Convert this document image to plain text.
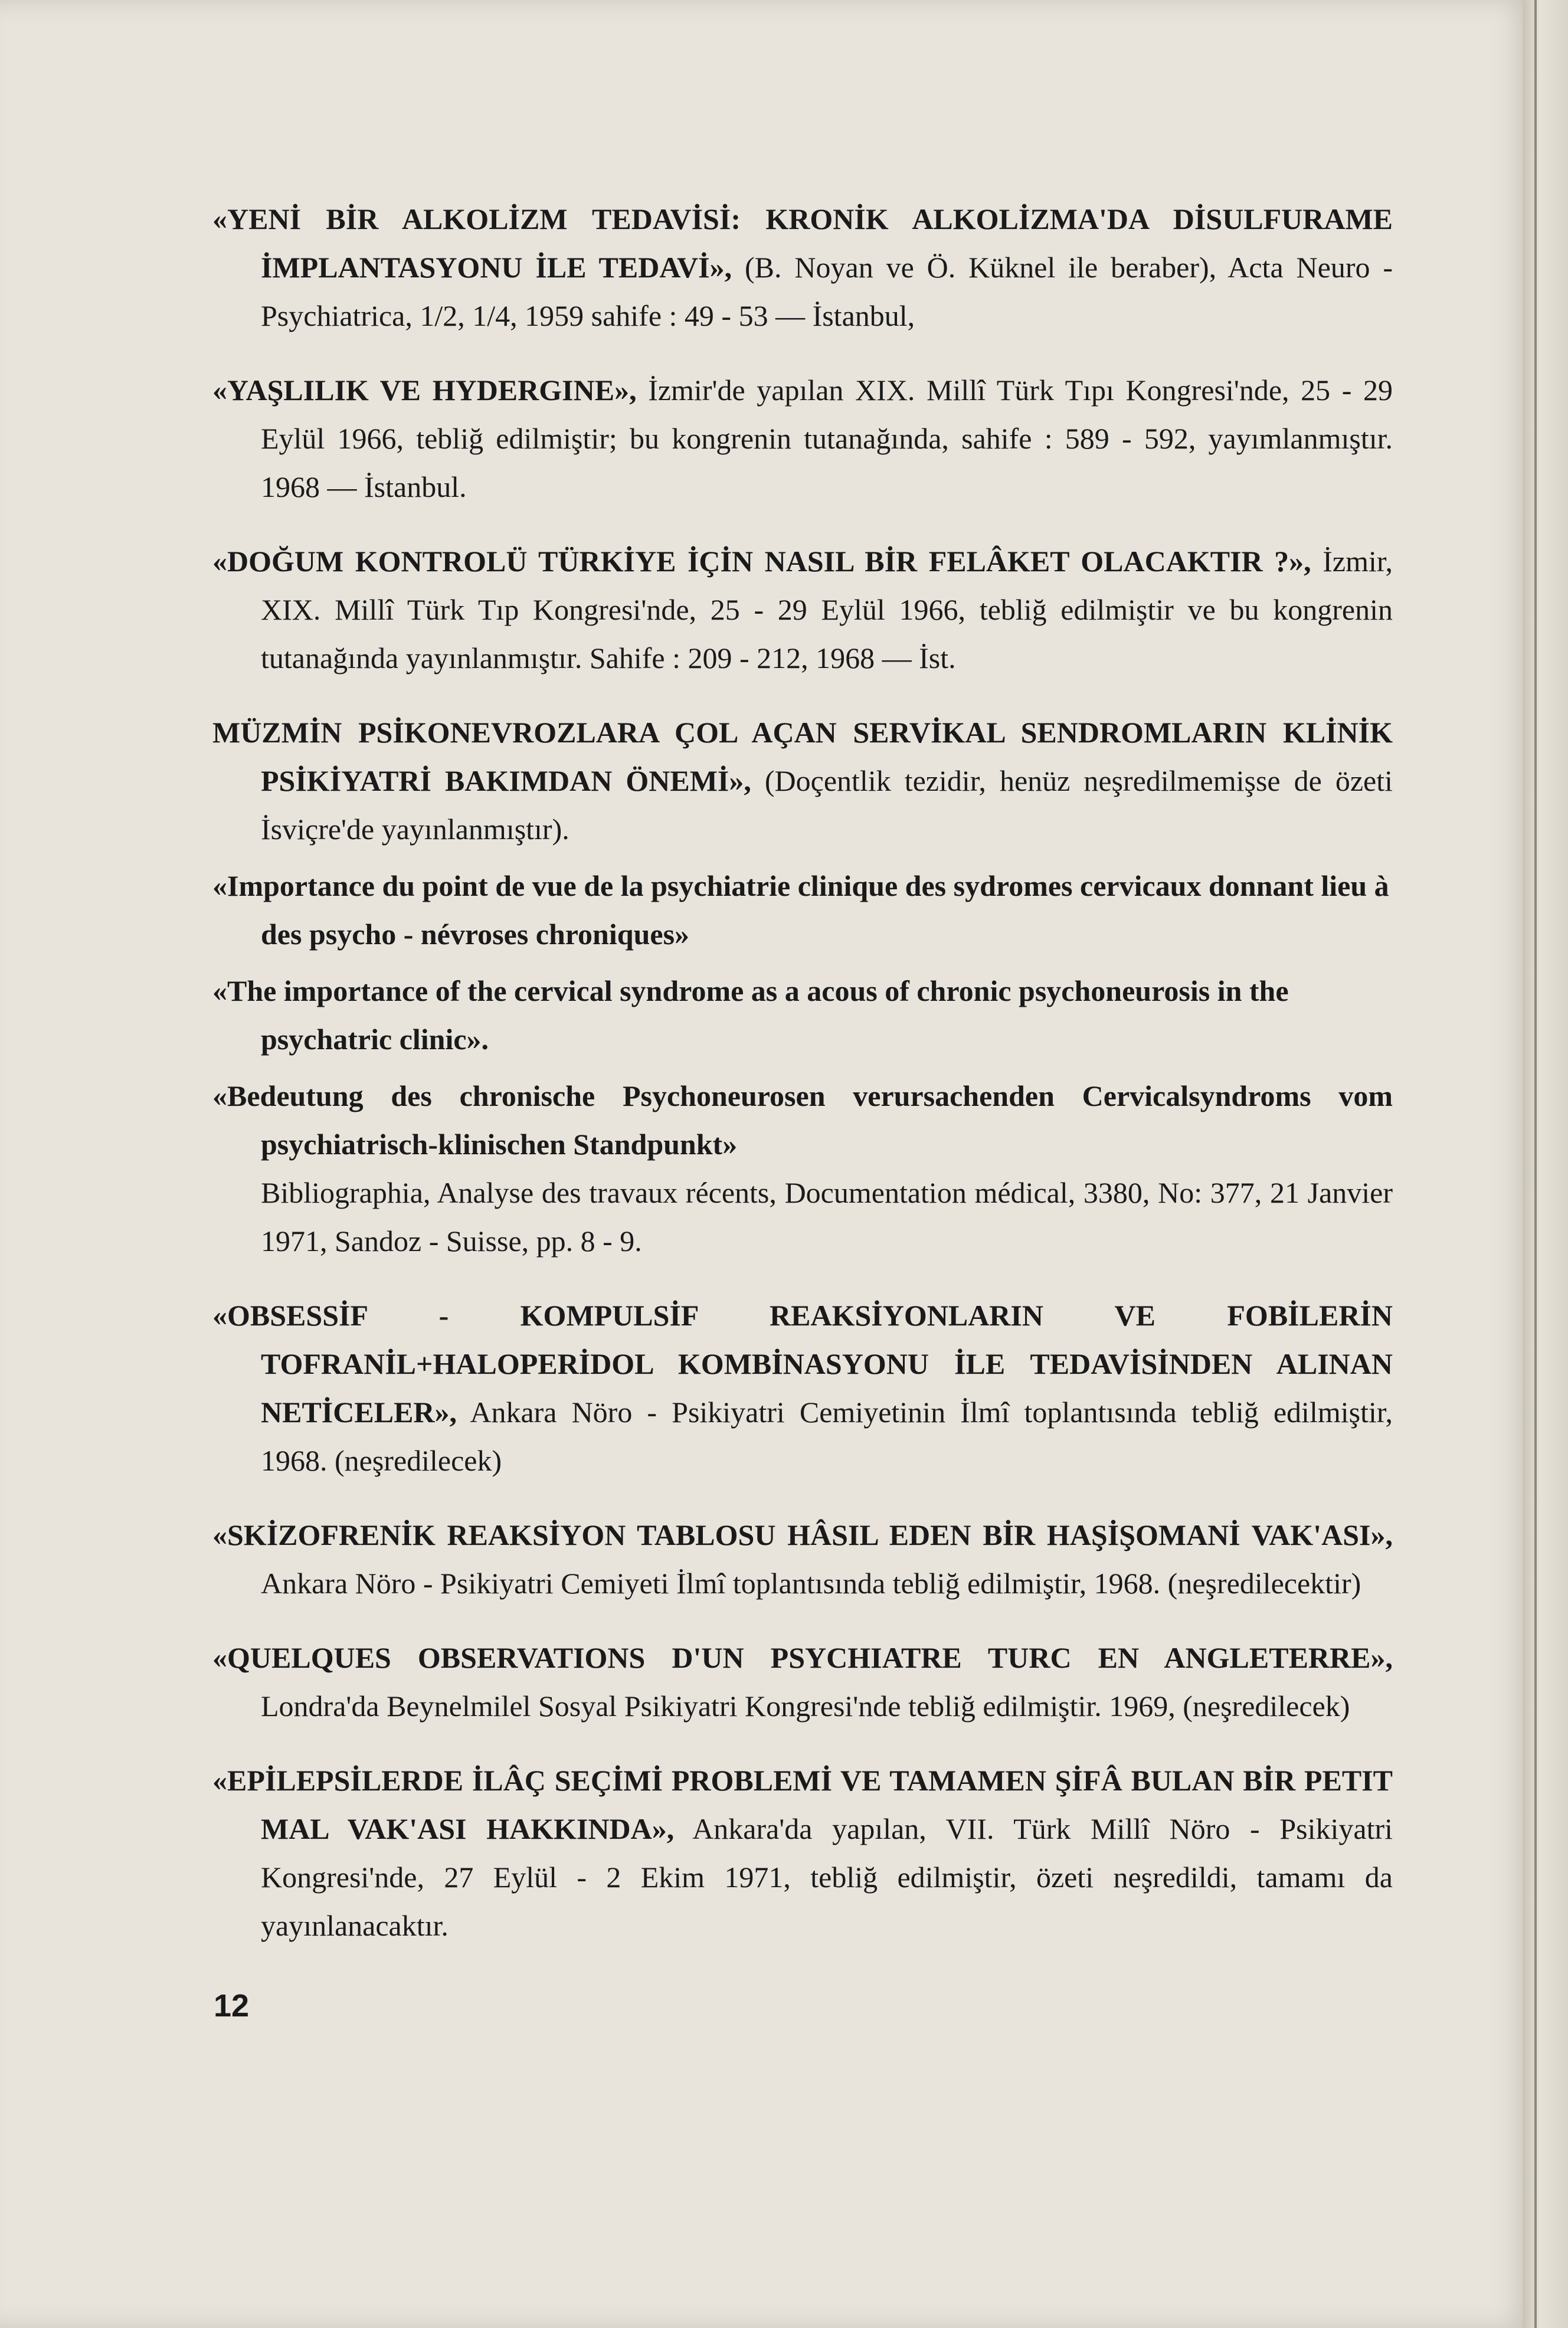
«YENİ BİR ALKOLİZM TEDAVİSİ: KRONİK ALKOLİZMA'DA DİSULFURAME İMPLANTASYONU İLE TEDAVİ», (B. Noyan ve Ö. Küknel ile beraber), Acta Neuro - Psychiatrica, 1/2, 1/4, 1959 sahife : 49 - 53 — İstanbul,

«YAŞLILIK VE HYDERGINE», İzmir'de yapılan XIX. Millî Türk Tıpı Kongresi'nde, 25 - 29 Eylül 1966, tebliğ edilmiştir; bu kongrenin tutanağında, sahife : 589 - 592, yayımlanmıştır. 1968 — İstanbul.

«DOĞUM KONTROLÜ TÜRKİYE İÇİN NASIL BİR FELÂKET OLACAKTIR ?», İzmir, XIX. Millî Türk Tıp Kongresi'nde, 25 - 29 Eylül 1966, tebliğ edilmiştir ve bu kongrenin tutanağında yayınlanmıştır. Sahife : 209 - 212, 1968 — İst.

MÜZMİN PSİKONEVROZLARA ÇOL AÇAN SERVİKAL SENDROMLARIN KLİNİK PSİKİYATRİ BAKIMDAN ÖNEMİ», (Doçentlik tezidir, henüz neşredilmemişse de özeti İsviçre'de yayınlanmıştır).

«Importance du point de vue de la psychiatrie clinique des sydromes cervicaux donnant lieu à des psycho - névroses chroniques»

«The importance of the cervical syndrome as a acous of chronic psychoneurosis in the psychatric clinic».

«Bedeutung des chronische Psychoneurosen verursachenden Cervicalsyndroms vom psychiatrisch-klinischen Standpunkt»
Bibliographia, Analyse des travaux récents, Documentation médical, 3380, No: 377, 21 Janvier 1971, Sandoz - Suisse, pp. 8 - 9.

«OBSESSİF - KOMPULSİF REAKSİYONLARIN VE FOBİLERİN TOFRANİL+HALOPERİDOL KOMBİNASYONU İLE TEDAVİSİNDEN ALINAN NETİCELER», Ankara Nöro - Psikiyatri Cemiyetinin İlmî toplantısında tebliğ edilmiştir, 1968. (neşredilecek)

«SKİZOFRENİK REAKSİYON TABLOSU HÂSIL EDEN BİR HAŞİŞOMANİ VAK'ASI», Ankara Nöro - Psikiyatri Cemiyeti İlmî toplantısında tebliğ edilmiştir, 1968. (neşredilecektir)

«QUELQUES OBSERVATIONS D'UN PSYCHIATRE TURC EN ANGLETERRE», Londra'da Beynelmilel Sosyal Psikiyatri Kongresi'nde tebliğ edilmiştir. 1969, (neşredilecek)

«EPİLEPSİLERDE İLÂÇ SEÇİMİ PROBLEMİ VE TAMAMEN ŞİFÂ BULAN BİR PETIT MAL VAK'ASI HAKKINDA», Ankara'da yapılan, VII. Türk Millî Nöro - Psikiyatri Kongresi'nde, 27 Eylül - 2 Ekim 1971, tebliğ edilmiştir, özeti neşredildi, tamamı da yayınlanacaktır.

12
